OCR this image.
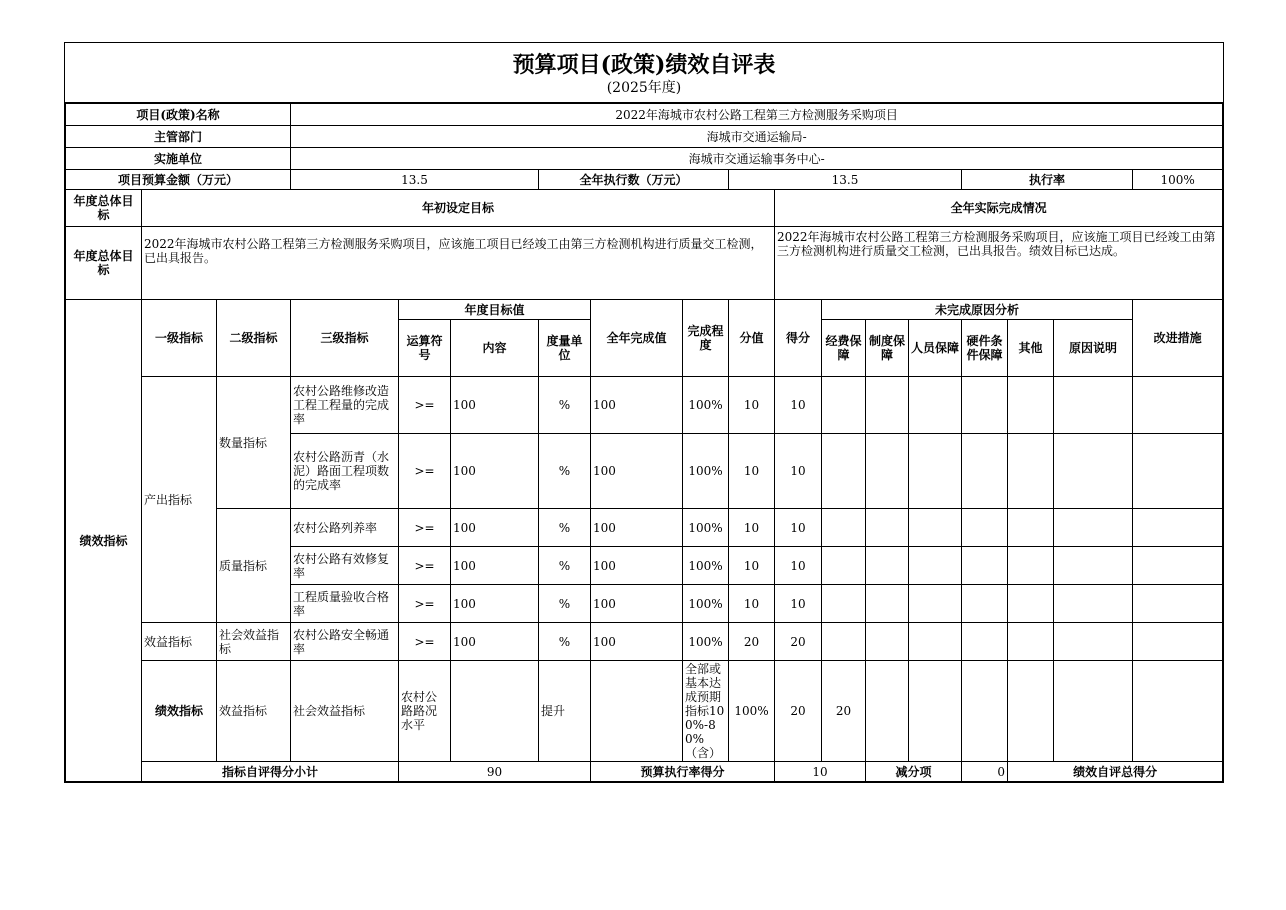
预算项目(政策)绩效自评表
(2025年度)
项目(政策)名称			2022年海城市农村公路工程第三方检测服务采购项目															
主管部门			海城市交通运输局-															
实施单位			海城市交通运输事务中心-															
项目预算金额（万元）			13.5			全年执行数（万元）			13.5					执行率			100%	
年度总体目标	年初设定目标									全年实际完成情况								
年度总体目标	2022年海城市农村公路工程第三方检测服务采购项目，应该施工项目已经竣工由第三方检测机构进行质量交工检测，已出具报告。									2022年海城市农村公路工程第三方检测服务采购项目，应该施工项目已经竣工由第三方检测机构进行质量交工检测，已出具报告。绩效目标已达成。								
绩效指标	一级指标	二级指标	三级指标	年度目标值			全年完成值	完成程度	分值	得分	未完成原因分析						改进措施	
				运算符号	内容	度量单位					经费保障	制度保障	人员保障	硬件条件保障	其他	原因说明		
	产出指标	数量指标	农村公路维修改造工程工程量的完成率	>=	100	%	100	100%	10	10								
			农村公路沥青（水泥）路面工程项数的完成率	>=	100	%	100	100%	10	10								
		质量指标	农村公路列养率	>=	100	%	100	100%	10	10								
			农村公路有效修复率	>=	100	%	100	100%	10	10								
			工程质量验收合格率	>=	100	%	100	100%	10	10								
	效益指标	社会效益指标	农村公路安全畅通率	>=	100	%	100	100%	20	20								
	绩效指标	效益指标	社会效益指标	农村公路路况水平		提升		全部或基本达成预期指标100%-80%（含）	100%	20	20							
	指标自评得分小计			90			预算执行率得分			10		减分项		0	绩效自评总得分	
